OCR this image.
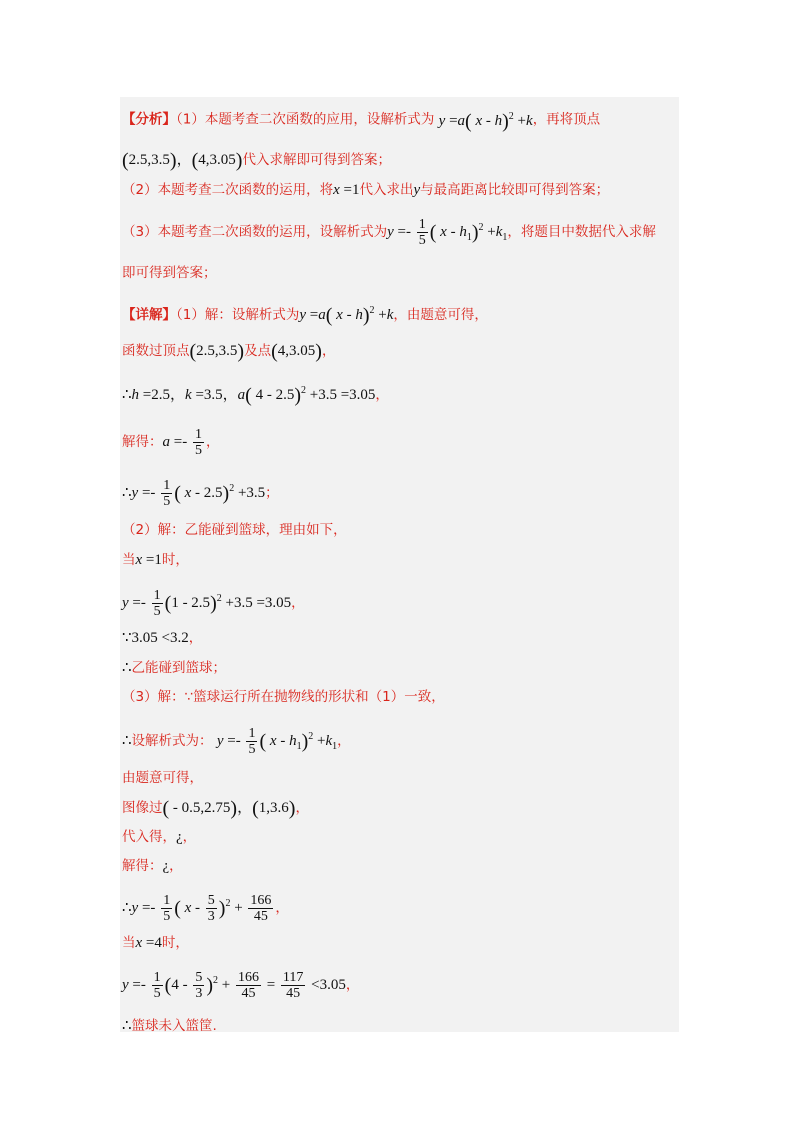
【分析】（1）本题考查二次函数的应用，设解析式为 y =a( x - h)$^2$ +k，再将顶点
(2.5,3.5)，(4,3.05)代入求解即可得到答案；
（2）本题考查二次函数的运用，将x =1代入求出y与最高距离比较即可得到答案；
（3）本题考查二次函数的运用，设解析式为$y =- \frac{1}{5}$ ( $x - h_1)^2 +k_1$，将题目中数据代入求解
即可得到答案；
【详解】（1）解：设解析式为y =a( x - h)$^2$ +k，由题意可得，
函数过顶点(2.5,3.5)及点(4,3.05)，
∴h =2.5，k =3.5，a( 4 - 2.5)$^2$ +3.5 =3.05，
解得：$a =- \frac{1}{5}$ ，
∴y =- $\frac{1}{5}$ ( x - 2.5)$^2$ +3.5；
（2）解：乙能碰到篮球，理由如下，
当x =1时，
$y =- \frac{1}{5} (1 - 2.5)^2 +3.5 =3.05$，
∵3.05 <3.2，
∴乙能碰到篮球；
（3）解：∵篮球运行所在抛物线的形状和（1）一致，
∴设解析式为： $y =- \frac{1}{5}$ ( $x - h_1)^2 +k_1$，
由题意可得，
图像过( - 0.5,2.75)，(1,3.6)，
代入得，¿，
解得：¿，
∴y =- $\frac{1}{5}$ ( $x - \frac{5}{3} )^2 + \frac{166}{45}$ ，
当x =4时，
$y =- \frac{1}{5} (4 - \frac{5}{3} )^2 + \frac{166}{45} = \frac{117}{45} <3.05$，
∴篮球未入篮筐.
